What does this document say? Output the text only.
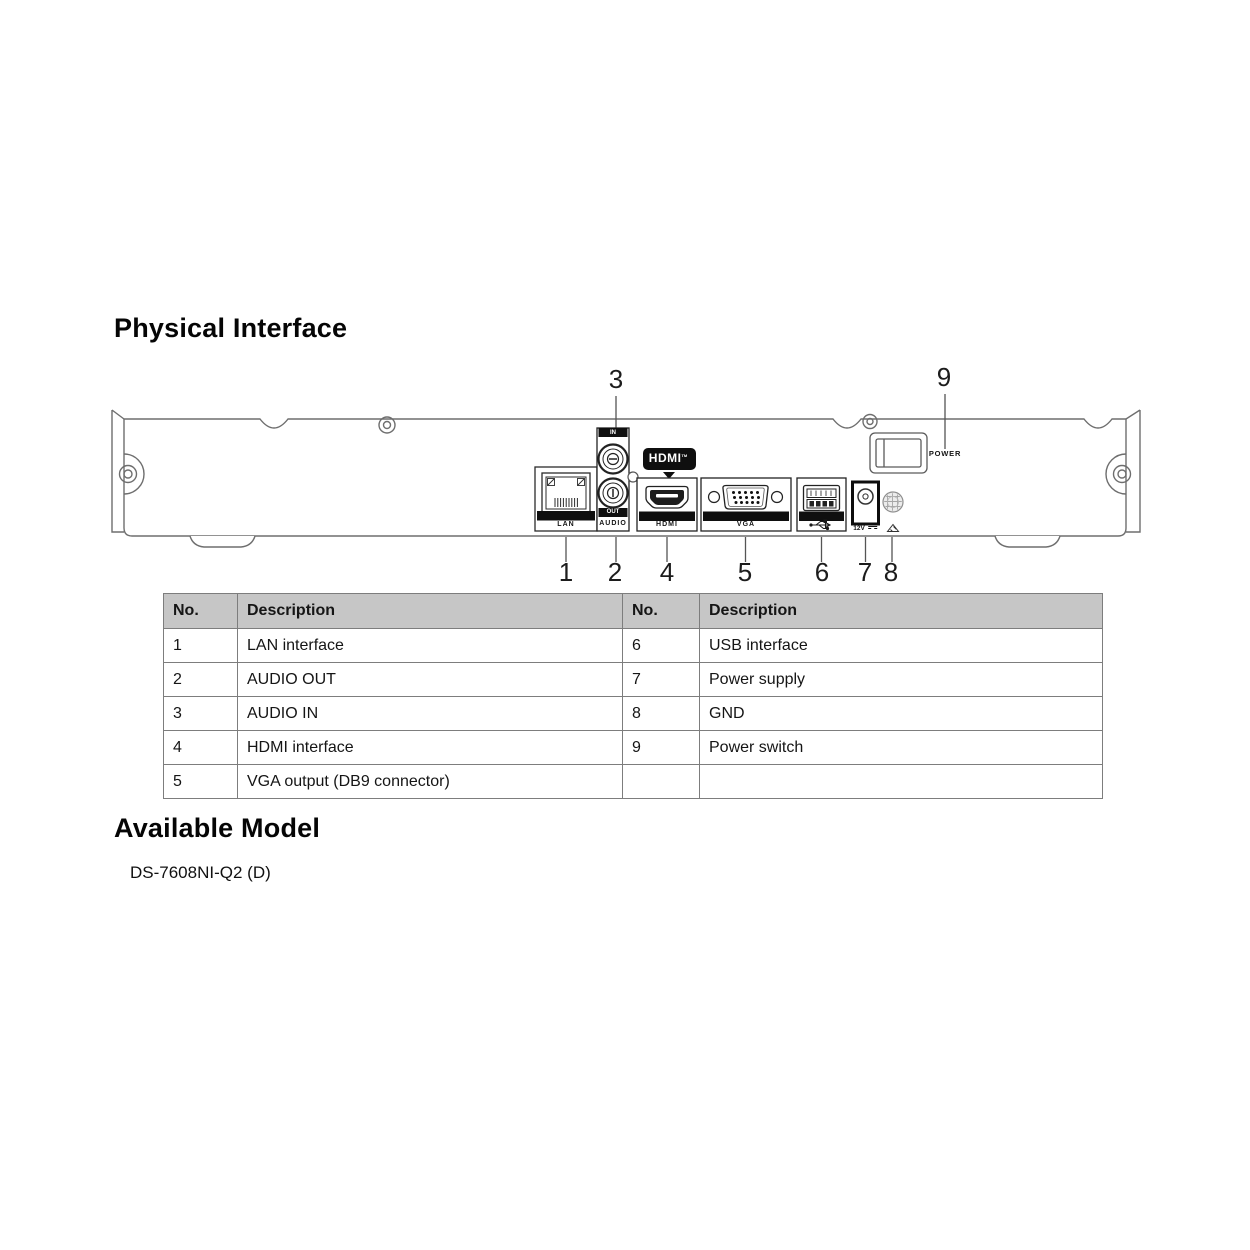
Physical Interface
LAN
IN
OUT
AUDIO
HDMI™
HDMI	VGA
12V
POWER
3	9
1 2 4 5 6 7 8
No.	Description	No.	Description
1	LAN interface	6	USB interface
2	AUDIO OUT	7	Power supply
3	AUDIO IN	8	GND
4	HDMI interface	9	Power switch
5	VGA output (DB9 connector)		
Available Model
DS-7608NI-Q2 (D)
